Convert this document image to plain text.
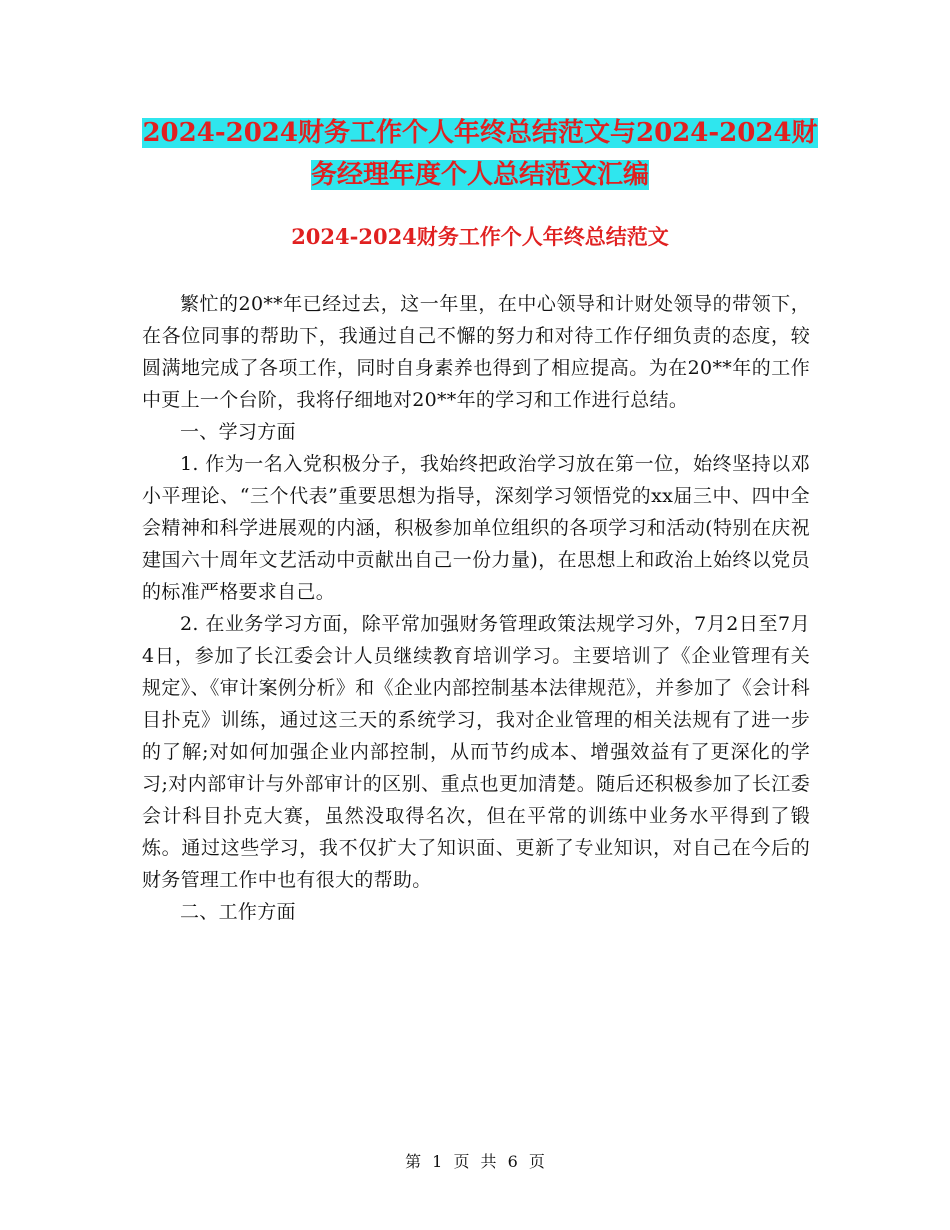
2024-2024财务工作个人年终总结范文与2024-2024财
务经理年度个人总结范文汇编
2024-2024财务工作个人年终总结范文

繁忙的20**年已经过去，这一年里，在中心领导和计财处领导的带领下，在各位同事的帮助下，我通过自己不懈的努力和对待工作仔细负责的态度，较圆满地完成了各项工作，同时自身素养也得到了相应提高。为在20**年的工作中更上一个台阶，我将仔细地对20**年的学习和工作进行总结。

一、学习方面

1. 作为一名入党积极分子，我始终把政治学习放在第一位，始终坚持以邓小平理论、“三个代表”重要思想为指导，深刻学习领悟党的xx届三中、四中全会精神和科学进展观的内涵，积极参加单位组织的各项学习和活动(特别在庆祝建国六十周年文艺活动中贡献出自己一份力量)，在思想上和政治上始终以党员的标准严格要求自己。

2. 在业务学习方面，除平常加强财务管理政策法规学习外，7月2日至7月4日，参加了长江委会计人员继续教育培训学习。主要培训了《企业管理有关规定》、《审计案例分析》和《企业内部控制基本法律规范》，并参加了《会计科目扑克》训练，通过这三天的系统学习，我对企业管理的相关法规有了进一步的了解;对如何加强企业内部控制，从而节约成本、增强效益有了更深化的学习;对内部审计与外部审计的区别、重点也更加清楚。随后还积极参加了长江委会计科目扑克大赛，虽然没取得名次，但在平常的训练中业务水平得到了锻炼。通过这些学习，我不仅扩大了知识面、更新了专业知识，对自己在今后的财务管理工作中也有很大的帮助。

二、工作方面

第 1 页 共 6 页
